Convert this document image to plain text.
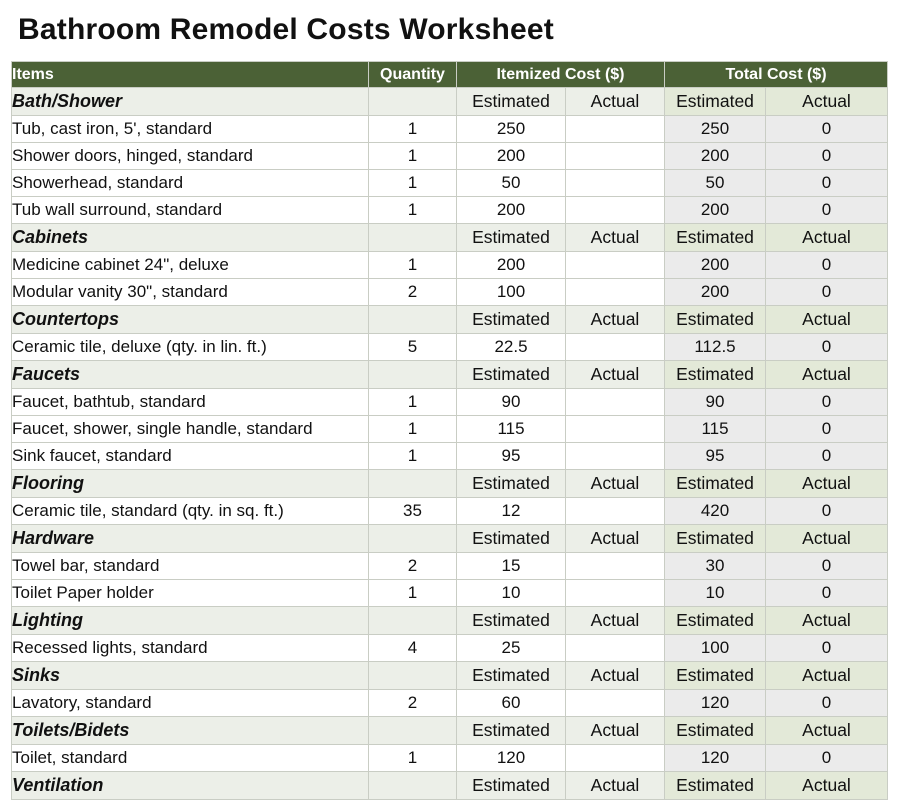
Bathroom Remodel Costs Worksheet
Items	Quantity	Itemized Cost ($)		Total Cost ($)	
Bath/Shower		Estimated	Actual	Estimated	Actual
Tub, cast iron, 5', standard	1	250		250	0
Shower doors, hinged, standard	1	200		200	0
Showerhead, standard	1	50		50	0
Tub wall surround, standard	1	200		200	0
Cabinets		Estimated	Actual	Estimated	Actual
Medicine cabinet 24", deluxe	1	200		200	0
Modular vanity 30", standard	2	100		200	0
Countertops		Estimated	Actual	Estimated	Actual
Ceramic tile, deluxe (qty. in lin. ft.)	5	22.5		112.5	0
Faucets		Estimated	Actual	Estimated	Actual
Faucet, bathtub, standard	1	90		90	0
Faucet, shower, single handle, standard	1	115		115	0
Sink faucet, standard	1	95		95	0
Flooring		Estimated	Actual	Estimated	Actual
Ceramic tile, standard (qty. in sq. ft.)	35	12		420	0
Hardware		Estimated	Actual	Estimated	Actual
Towel bar, standard	2	15		30	0
Toilet Paper holder	1	10		10	0
Lighting		Estimated	Actual	Estimated	Actual
Recessed lights, standard	4	25		100	0
Sinks		Estimated	Actual	Estimated	Actual
Lavatory, standard	2	60		120	0
Toilets/Bidets		Estimated	Actual	Estimated	Actual
Toilet, standard	1	120		120	0
Ventilation		Estimated	Actual	Estimated	Actual
